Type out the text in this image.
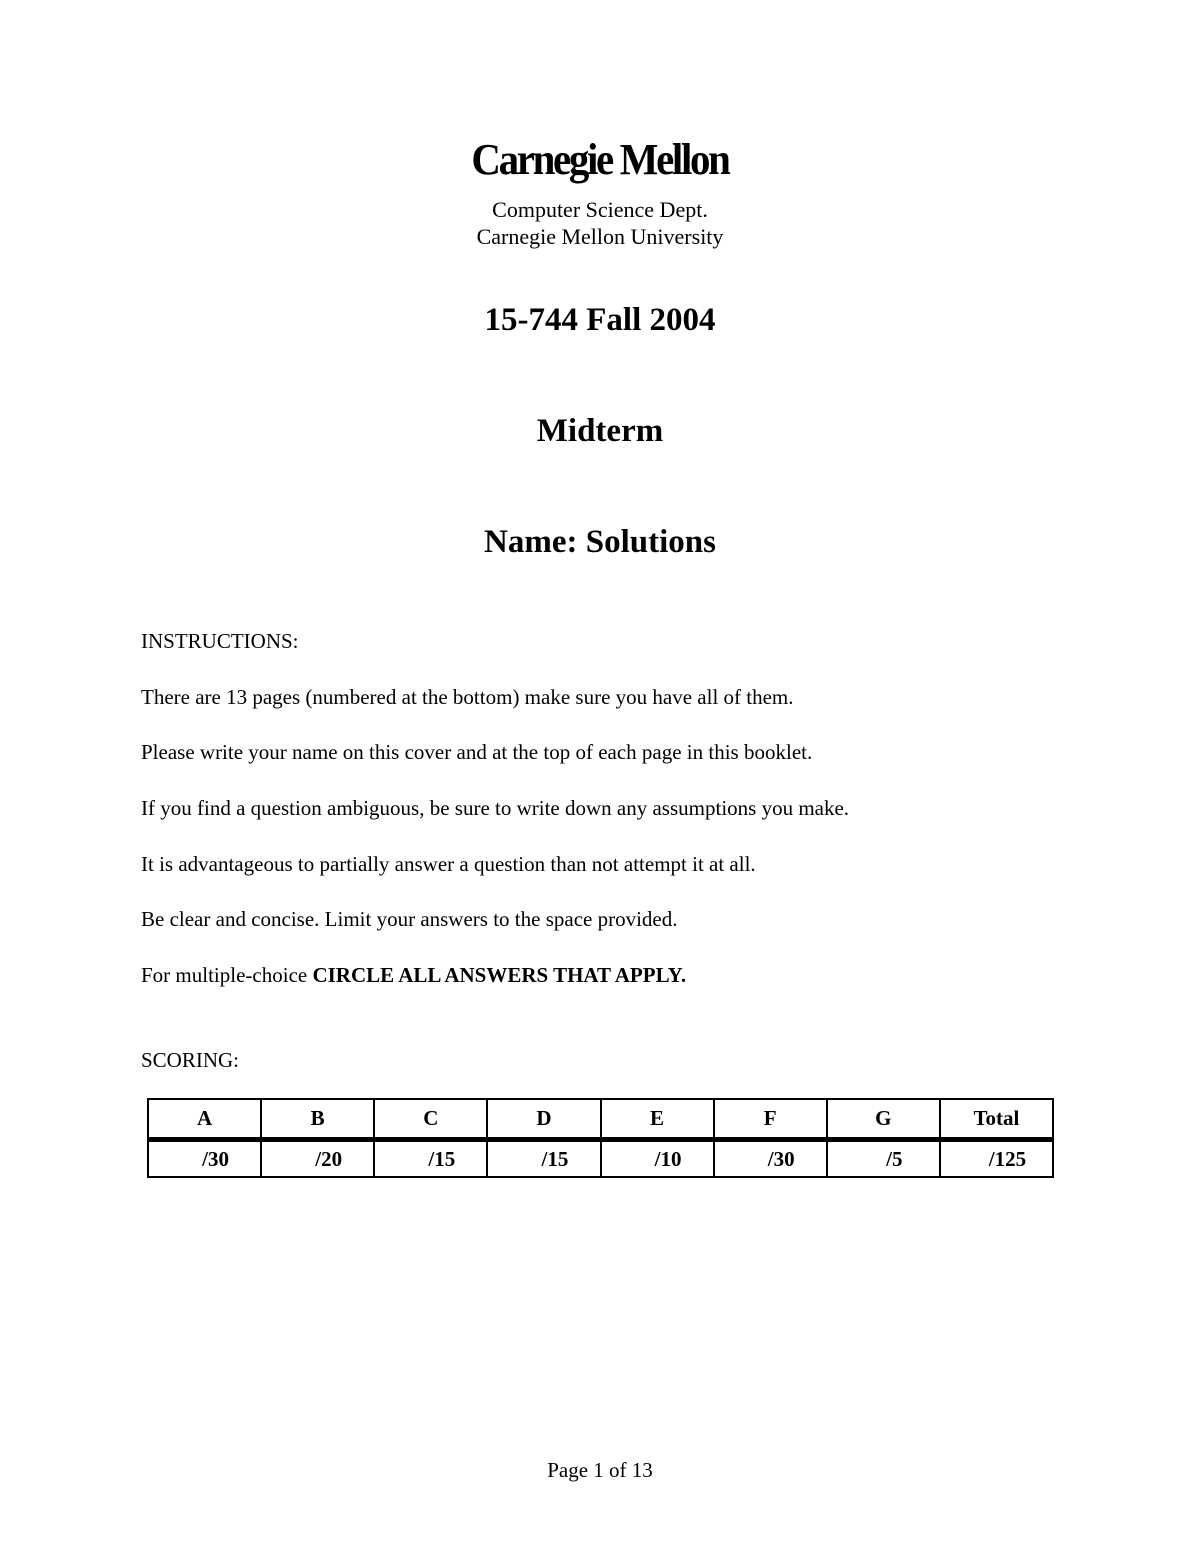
Carnegie Mellon
Computer Science Dept.
Carnegie Mellon University
15-744 Fall 2004
Midterm
Name: Solutions
INSTRUCTIONS:
There are 13 pages (numbered at the bottom) make sure you have all of them.
Please write your name on this cover and at the top of each page in this booklet.
If you find a question ambiguous, be sure to write down any assumptions you make.
It is advantageous to partially answer a question than not attempt it at all.
Be clear and concise. Limit your answers to the space provided.
For multiple-choice CIRCLE ALL ANSWERS THAT APPLY.
SCORING:
A	B	C	D	E	F	G	Total
/30	/20	/15	/15	/10	/30	/5	/125
Page 1 of 13
